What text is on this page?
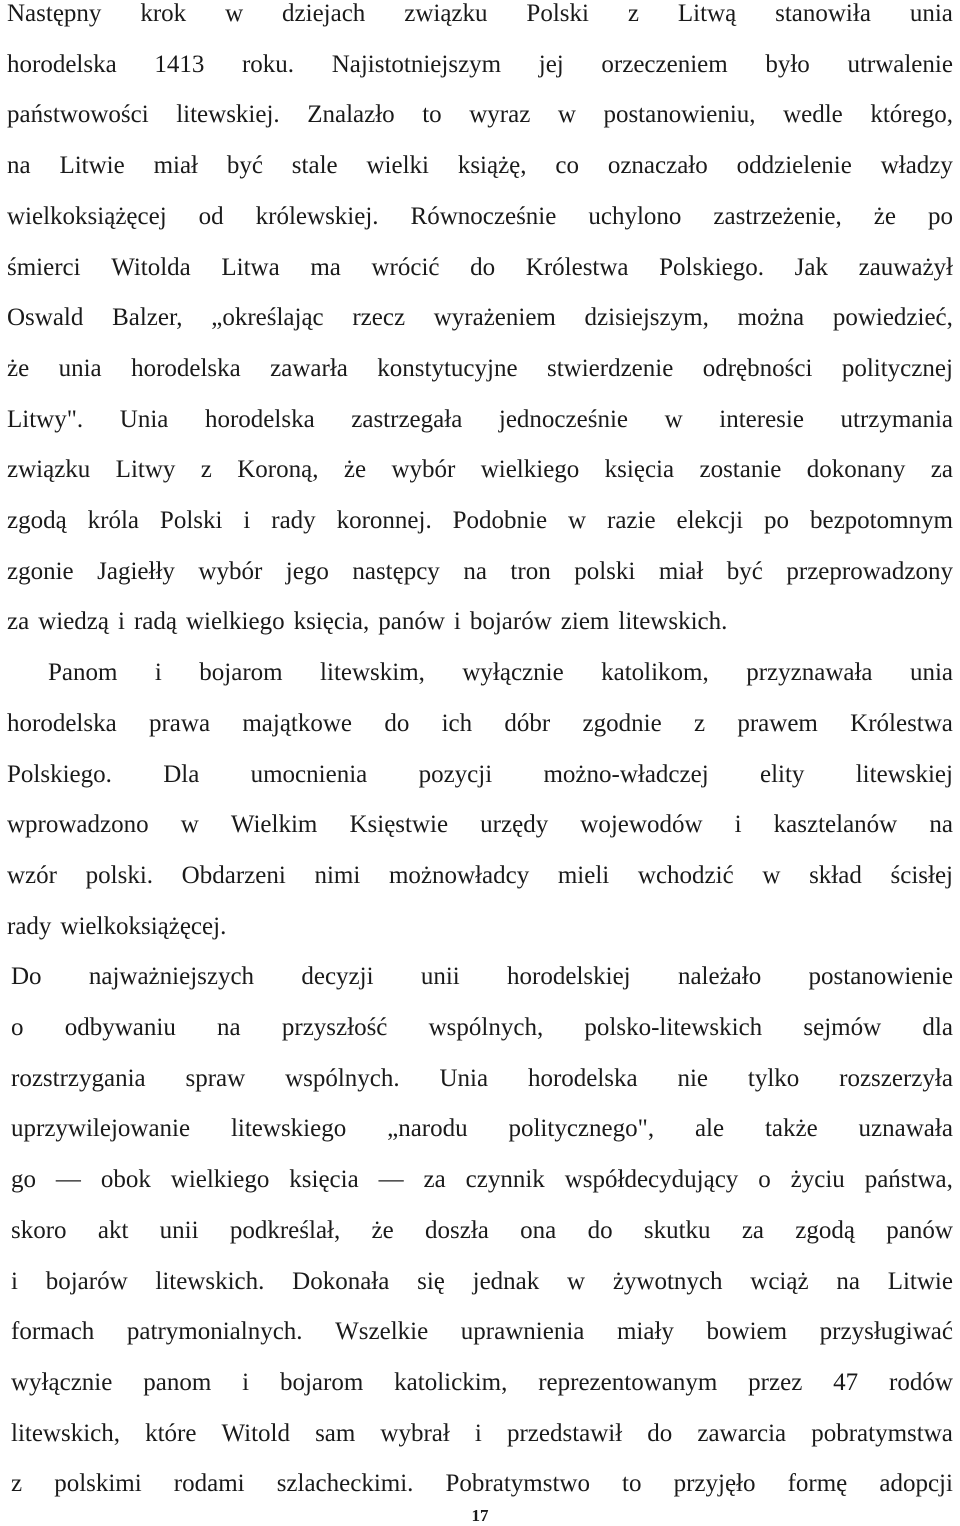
Następny krok w dziejach związku Polski z Litwą stanowiła unia
horodelska 1413 roku. Najistotniejszym jej orzeczeniem było utrwalenie
państwowości litewskiej. Znalazło to wyraz w postanowieniu, wedle którego,
na Litwie miał być stale wielki książę, co oznaczało oddzielenie władzy
wielkoksiążęcej od królewskiej. Równocześnie uchylono zastrzeżenie, że po
śmierci Witolda Litwa ma wrócić do Królestwa Polskiego. Jak zauważył
Oswald Balzer, „określając rzecz wyrażeniem dzisiejszym, można powiedzieć,
że unia horodelska zawarła konstytucyjne stwierdzenie odrębności politycznej
Litwy". Unia horodelska zastrzegała jednocześnie w interesie utrzymania
związku Litwy z Koroną, że wybór wielkiego księcia zostanie dokonany za
zgodą króla Polski i rady koronnej. Podobnie w razie elekcji po bezpotomnym
zgonie Jagiełły wybór jego następcy na tron polski miał być przeprowadzony
za wiedzą i radą wielkiego księcia, panów i bojarów ziem litewskich.
Panom i bojarom litewskim, wyłącznie katolikom, przyznawała unia
horodelska prawa majątkowe do ich dóbr zgodnie z prawem Królestwa
Polskiego. Dla umocnienia pozycji możno-władczej elity litewskiej
wprowadzono w Wielkim Księstwie urzędy wojewodów i kasztelanów na
wzór polski. Obdarzeni nimi możnowładcy mieli wchodzić w skład ścisłej
rady wielkoksiążęcej.
Do najważniejszych decyzji unii horodelskiej należało postanowienie
o odbywaniu na przyszłość wspólnych, polsko-litewskich sejmów dla
rozstrzygania spraw wspólnych. Unia horodelska nie tylko rozszerzyła
uprzywilejowanie litewskiego „narodu politycznego", ale także uznawała
go — obok wielkiego księcia — za czynnik współdecydujący o życiu państwa,
skoro akt unii podkreślał, że doszła ona do skutku za zgodą panów
i bojarów litewskich. Dokonała się jednak w żywotnych wciąż na Litwie
formach patrymonialnych. Wszelkie uprawnienia miały bowiem przysługiwać
wyłącznie panom i bojarom katolickim, reprezentowanym przez 47 rodów
litewskich, które Witold sam wybrał i przedstawił do zawarcia pobratymstwa
z polskimi rodami szlacheckimi. Pobratymstwo to przyjęło formę adopcji
17
